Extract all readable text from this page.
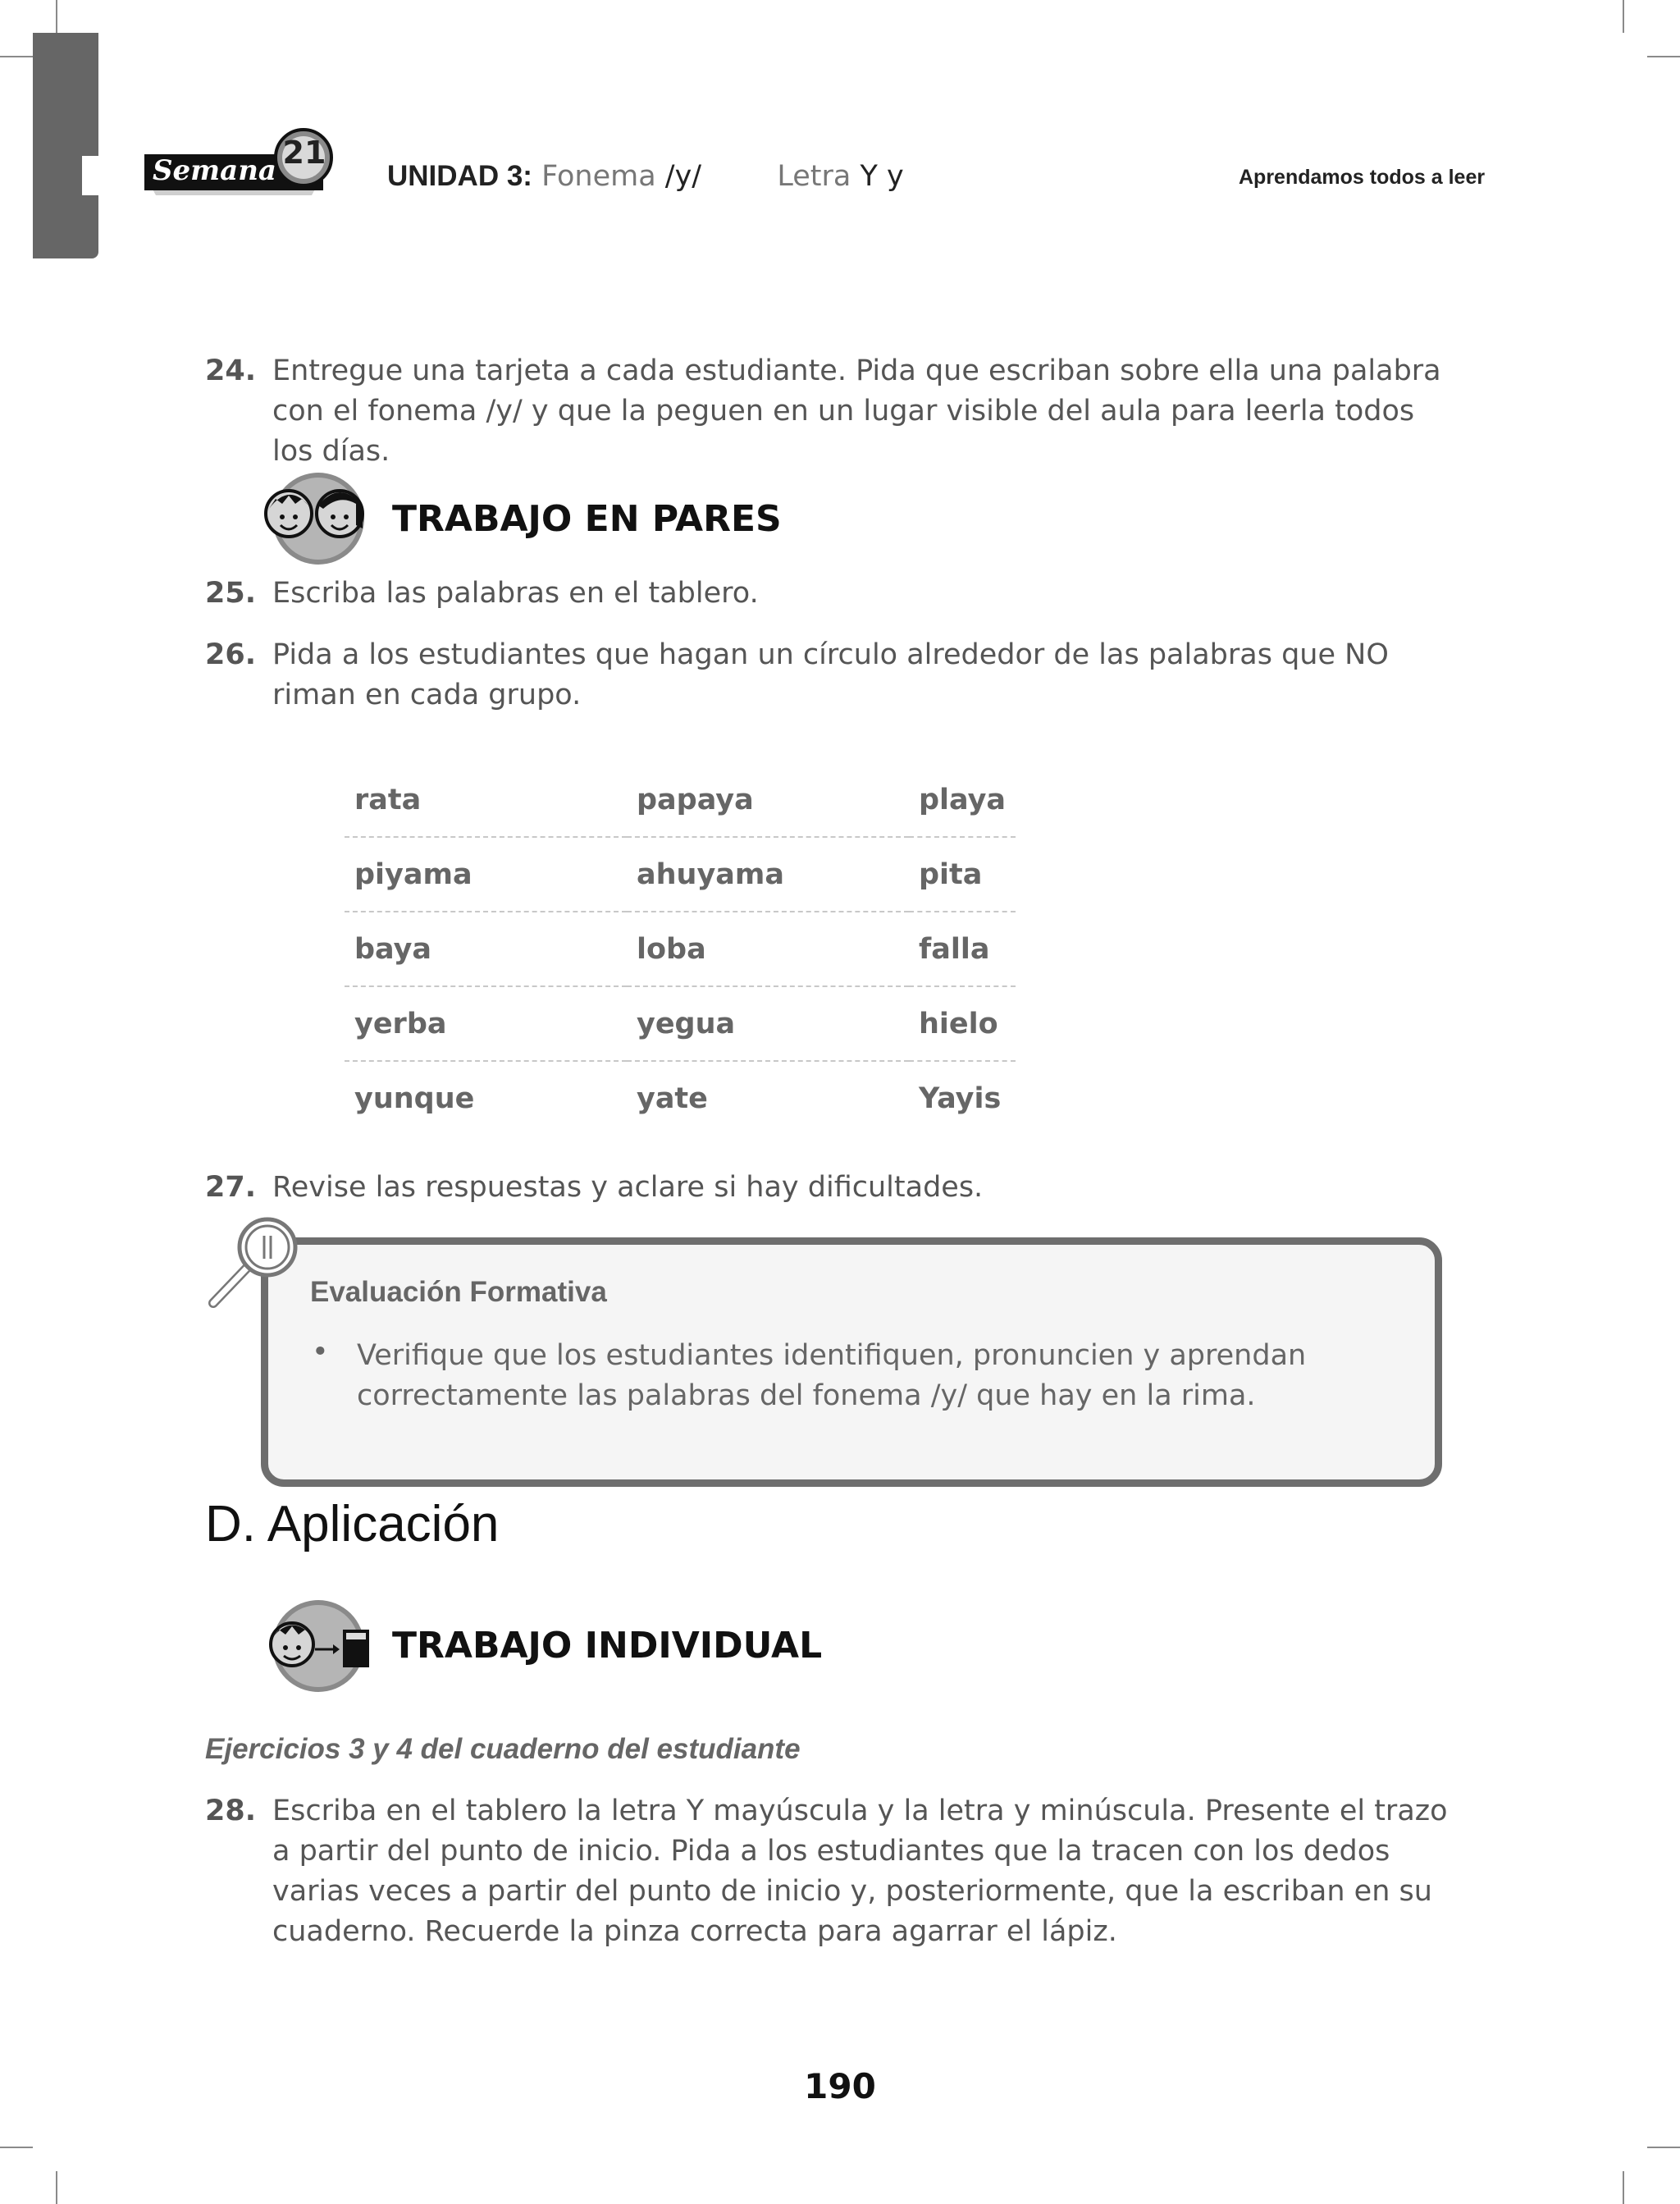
Semana 21
UNIDAD 3: Fonema /y/	Letra Y y	Aprendamos todos a leer
24. Entregue una tarjeta a cada estudiante. Pida que escriban sobre ella una palabra con el fonema /y/ y que la peguen en un lugar visible del aula para leerla todos los días.
TRABAJO EN PARES
25. Escriba las palabras en el tablero.
26. Pida a los estudiantes que hagan un círculo alrededor de las palabras que NO riman en cada grupo.
rata	papaya	playa
piyama	ahuyama	pita
baya	loba	falla
yerba	yegua	hielo
yunque	yate	Yayis
27. Revise las respuestas y aclare si hay dificultades.
Evaluación Formativa
• Verifique que los estudiantes identifiquen, pronuncien y aprendan correctamente las palabras del fonema /y/ que hay en la rima.
D. Aplicación
TRABAJO INDIVIDUAL
Ejercicios 3 y 4 del cuaderno del estudiante
28. Escriba en el tablero la letra Y mayúscula y la letra y minúscula. Presente el trazo a partir del punto de inicio. Pida a los estudiantes que la tracen con los dedos varias veces a partir del punto de inicio y, posteriormente, que la escriban en su cuaderno. Recuerde la pinza correcta para agarrar el lápiz.
190
